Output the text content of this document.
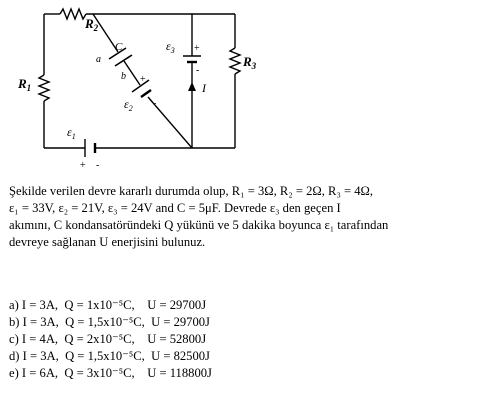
$R_2$
$R_3$
$R_1$
C
a
b
$\varepsilon_3$ +
-
I
$\varepsilon_2$
+
-
$\varepsilon_1$
+ -
Şekilde verilen devre kararlı durumda olup, R₁ = 3Ω, R₂ = 2Ω, R₃ = 4Ω,
ε₁ = 33V, ε₂ = 21V, ε₃ = 24V and C = 5μF. Devrede ε₃ den geçen I
akımını, C kondansatöründeki Q yükünü ve 5 dakika boyunca ε₁ tarafından
devreye sağlanan U enerjisini bulunuz.
a) I = 3A,  Q = 1x10⁻⁵C,    U = 29700J
b) I = 3A,  Q = 1,5x10⁻⁵C,  U = 29700J
c) I = 4A,  Q = 2x10⁻⁵C,    U = 52800J
d) I = 3A,  Q = 1,5x10⁻⁵C,  U = 82500J
e) I = 6A,  Q = 3x10⁻⁵C,    U = 118800J
